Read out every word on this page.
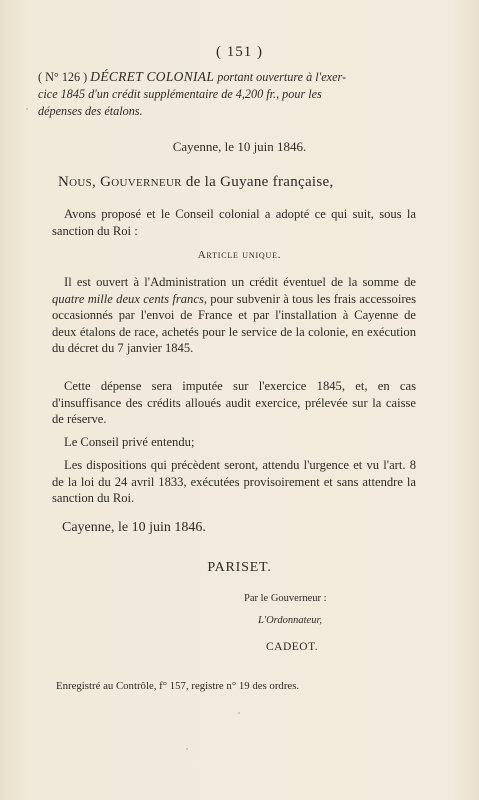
( 151 )
( N° 126 ) DÉCRET COLONIAL portant ouverture à l'exer-
cice 1845 d'un crédit supplémentaire de 4,200 fr., pour les
dépenses des étalons.
Cayenne, le 10 juin 1846.
Nous, Gouverneur de la Guyane française,
Avons proposé et le Conseil colonial a adopté ce qui suit, sous la sanction du Roi :
Article unique.
Il est ouvert à l'Administration un crédit éventuel de la somme de quatre mille deux cents francs, pour subvenir à tous les frais accessoires occasionnés par l'envoi de France et par l'installation à Cayenne de deux étalons de race, achetés pour le service de la colonie, en exécution du décret du 7 janvier 1845.
Cette dépense sera imputée sur l'exercice 1845, et, en cas d'insuffisance des crédits alloués audit exercice, prélevée sur la caisse de réserve.
Le Conseil privé entendu;
Les dispositions qui précèdent seront, attendu l'urgence et vu l'art. 8 de la loi du 24 avril 1833, exécutées provisoirement et sans attendre la sanction du Roi.
Cayenne, le 10 juin 1846.
PARISET.
Par le Gouverneur :
L'Ordonnateur,
CADEOT.
Enregistré au Contrôle, f° 157, registre n° 19 des ordres.
